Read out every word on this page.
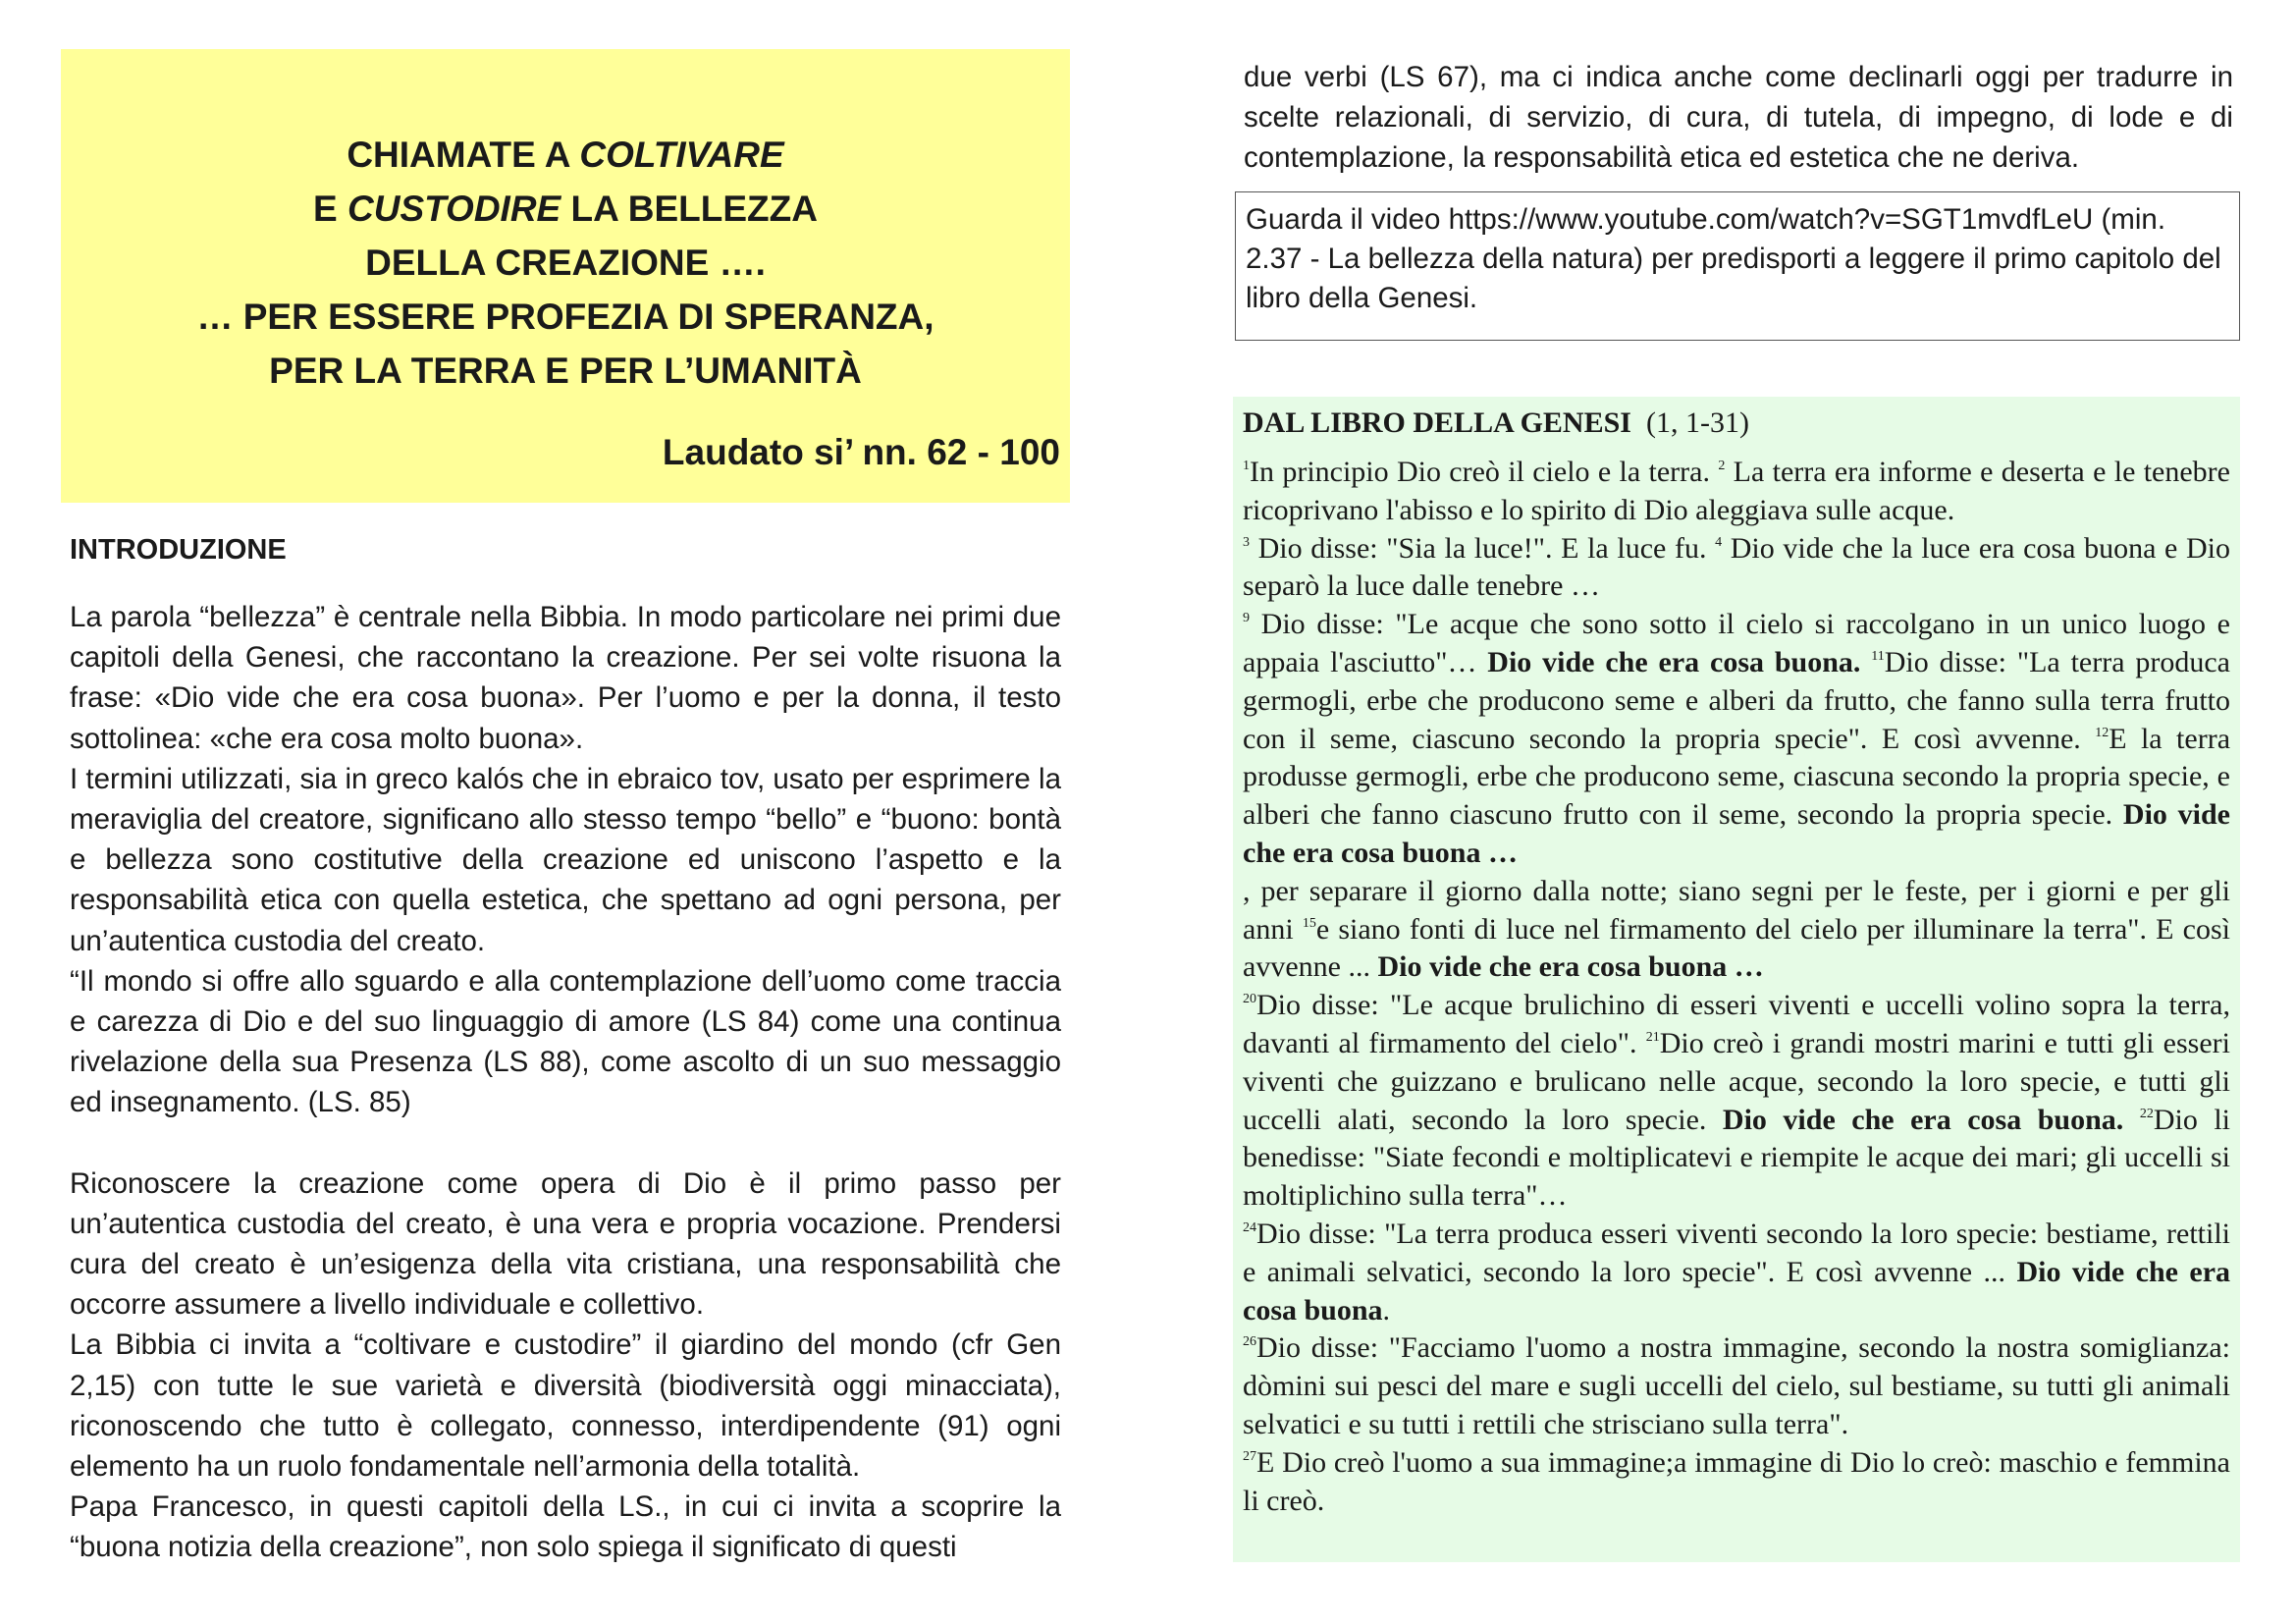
CHIAMATE A COLTIVARE
E CUSTODIRE LA BELLEZZA
DELLA CREAZIONE ….
… PER ESSERE PROFEZIA DI SPERANZA,
PER LA TERRA E PER L’UMANITÀ
Laudato si’ nn. 62 - 100
INTRODUZIONE

La parola “bellezza” è centrale nella Bibbia. In modo particolare nei primi due capitoli della Genesi, che raccontano la creazione. Per sei volte risuona la frase: «Dio vide che era cosa buona». Per l’uomo e per la donna, il testo sottolinea: «che era cosa molto buona».

I termini utilizzati, sia in greco kalós che in ebraico tov, usato per esprimere la meraviglia del creatore, significano allo stesso tempo “bello” e “buono: bontà e bellezza sono costitutive della creazione ed uniscono l’aspetto e la responsabilità etica con quella estetica, che spettano ad ogni persona, per un’autentica custodia del creato.

“Il mondo si offre allo sguardo e alla contemplazione dell’uomo come traccia e carezza di Dio e del suo linguaggio di amore (LS 84) come una continua rivelazione della sua Presenza (LS 88), come ascolto di un suo messaggio ed insegnamento. (LS. 85)

Riconoscere la creazione come opera di Dio è il primo passo per un’autentica custodia del creato, è una vera e propria vocazione. Prendersi cura del creato è un’esigenza della vita cristiana, una responsabilità che occorre assumere a livello individuale e collettivo.

La Bibbia ci invita a “coltivare e custodire” il giardino del mondo (cfr Gen 2,15) con tutte le sue varietà e diversità (biodiversità oggi minacciata), riconoscendo che tutto è collegato, connesso, interdipendente (91) ogni elemento ha un ruolo fondamentale nell’armonia della totalità.

Papa Francesco, in questi capitoli della LS., in cui ci invita a scoprire la “buona notizia della creazione”, non solo spiega il significato di questi

due verbi (LS 67), ma ci indica anche come declinarli oggi per tradurre in scelte relazionali, di servizio, di cura, di tutela, di impegno, di lode e di contemplazione, la responsabilità etica ed estetica che ne deriva.
Guarda il video https://www.youtube.com/watch?v=SGT1mvdfLeU (min. 2.37 - La bellezza della natura) per predisporti a leggere il primo capitolo del libro della Genesi.
DAL LIBRO DELLA GENESI (1, 1-31)

$^1$In principio Dio creò il cielo e la terra. $^2$ La terra era informe e deserta e le tenebre ricoprivano l'abisso e lo spirito di Dio aleggiava sulle acque.

$^3$ Dio disse: "Sia la luce!". E la luce fu. $^4$ Dio vide che la luce era cosa buona e Dio separò la luce dalle tenebre …

$^9$ Dio disse: "Le acque che sono sotto il cielo si raccolgano in un unico luogo e appaia l'asciutto"… Dio vide che era cosa buona. $^{11}$Dio disse: "La terra produca germogli, erbe che producono seme e alberi da frutto, che fanno sulla terra frutto con il seme, ciascuno secondo la propria specie". E così avvenne. $^{12}$E la terra produsse germogli, erbe che producono seme, ciascuna secondo la propria specie, e alberi che fanno ciascuno frutto con il seme, secondo la propria specie. Dio vide che era cosa buona …

, per separare il giorno dalla notte; siano segni per le feste, per i giorni e per gli anni $^{15}$e siano fonti di luce nel firmamento del cielo per illuminare la terra". E così avvenne ... Dio vide che era cosa buona …

$^{20}$Dio disse: "Le acque brulichino di esseri viventi e uccelli volino sopra la terra, davanti al firmamento del cielo". $^{21}$Dio creò i grandi mostri marini e tutti gli esseri viventi che guizzano e brulicano nelle acque, secondo la loro specie, e tutti gli uccelli alati, secondo la loro specie. Dio vide che era cosa buona. $^{22}$Dio li benedisse: "Siate fecondi e moltiplicatevi e riempite le acque dei mari; gli uccelli si moltiplichino sulla terra"…

$^{24}$Dio disse: "La terra produca esseri viventi secondo la loro specie: bestiame, rettili e animali selvatici, secondo la loro specie". E così avvenne ... Dio vide che era cosa buona.

$^{26}$Dio disse: "Facciamo l'uomo a nostra immagine, secondo la nostra somiglianza: dòmini sui pesci del mare e sugli uccelli del cielo, sul bestiame, su tutti gli animali selvatici e su tutti i rettili che strisciano sulla terra".

$^{27}$E Dio creò l'uomo a sua immagine;a immagine di Dio lo creò: maschio e femmina li creò.
